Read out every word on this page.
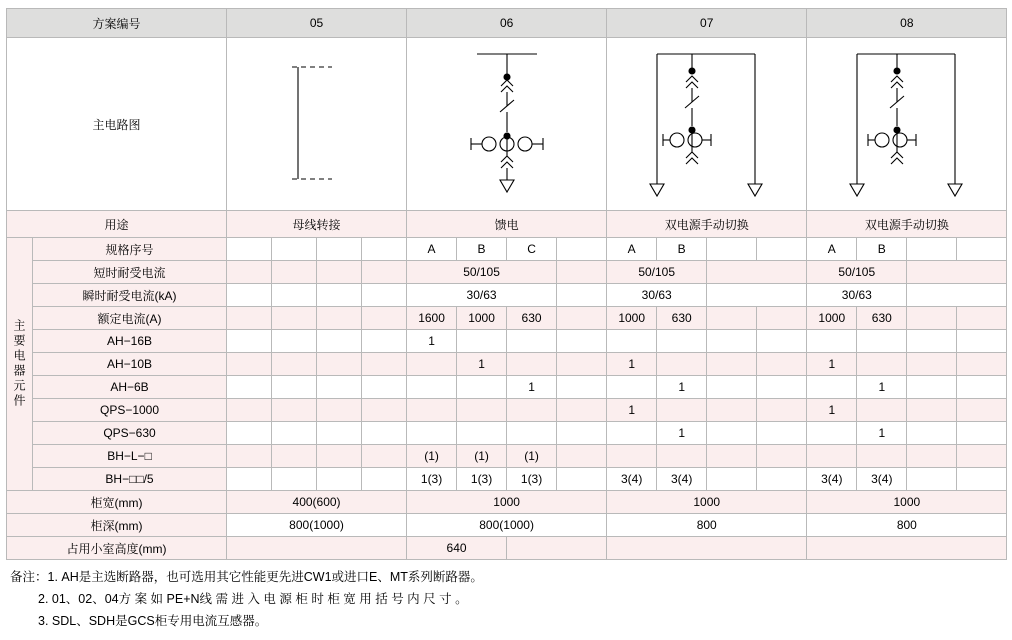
方案编号		05				06				07				08			
主电路图	

用途		母线转接				馈电				双电源手动切换				双电源手动切换			
主要电器元件	规格序号					A	B	C		A	B			A	B		
	短时耐受电流					50/105				50/105				50/105			
	瞬时耐受电流(kA)					30/63				30/63				30/63			
	额定电流(A)					1600	1000	630		1000	630			1000	630		
	AH−16B					1											
	AH−10B						1			1				1			
	AH−6B							1			1				1		
	QPS−1000									1				1			
	QPS−630										1				1		
	BH−L−□					(1)	(1)	(1)									
	BH−□□/5					1(3)	1(3)	1(3)		3(4)	3(4)			3(4)	3(4)		
柜宽(mm)		400(600)				1000				1000				1000			
柜深(mm)		800(1000)				800(1000)				800				800			
占用小室高度(mm)						640											
备注：1. AH是主选断路器，也可选用其它性能更先进CW1或进口E、MT系列断路器。
2. 01、02、04方 案 如 PE+N线 需 进 入 电 源 柜 时 柜 宽 用 括 号 内 尺 寸 。
3. SDL、SDH是GCS柜专用电流互感器。
